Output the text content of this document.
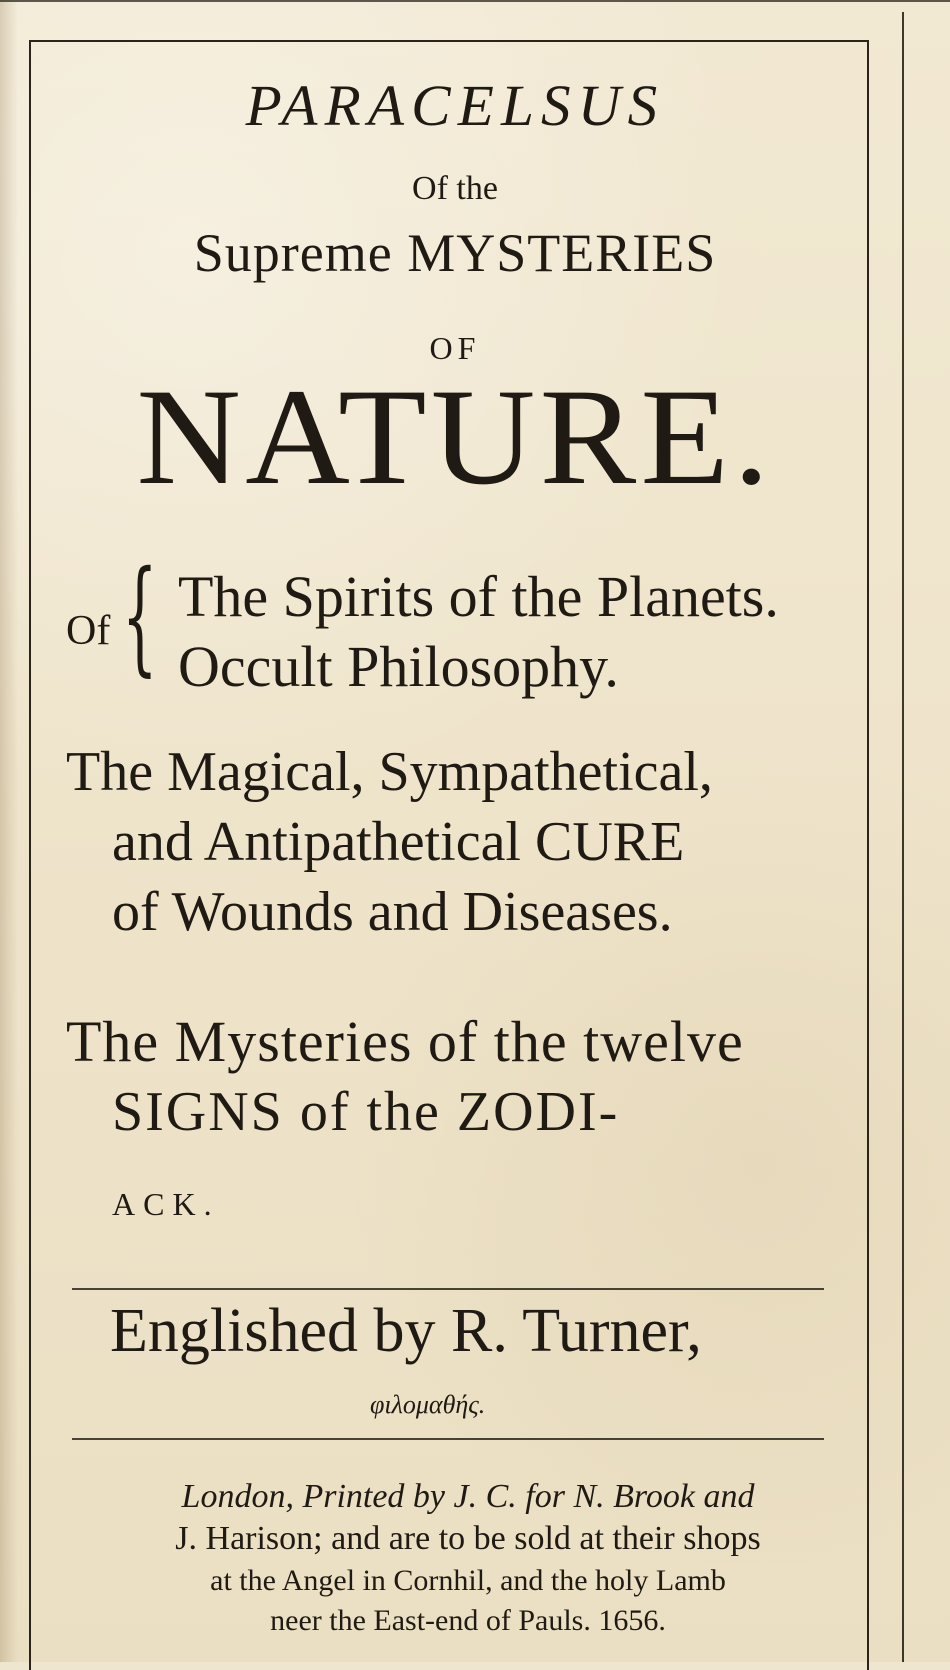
PARACELSUS
Of the
Supreme MYSTERIES
OF
NATURE.
Of { The Spirits of the Planets.
Occult Philosophy.
The Magical, Sympathetical,
and Antipathetical CURE
of Wounds and Diseases.
The Mysteries of the twelve
SIGNS of the ZODI-
ACK.
Englished by R. Turner,
φιλομαθής.
London, Printed by J. C. for N. Brook and
J. Harison; and are to be sold at their shops
at the Angel in Cornhil, and the holy Lamb
neer the East-end of Pauls. 1656.
